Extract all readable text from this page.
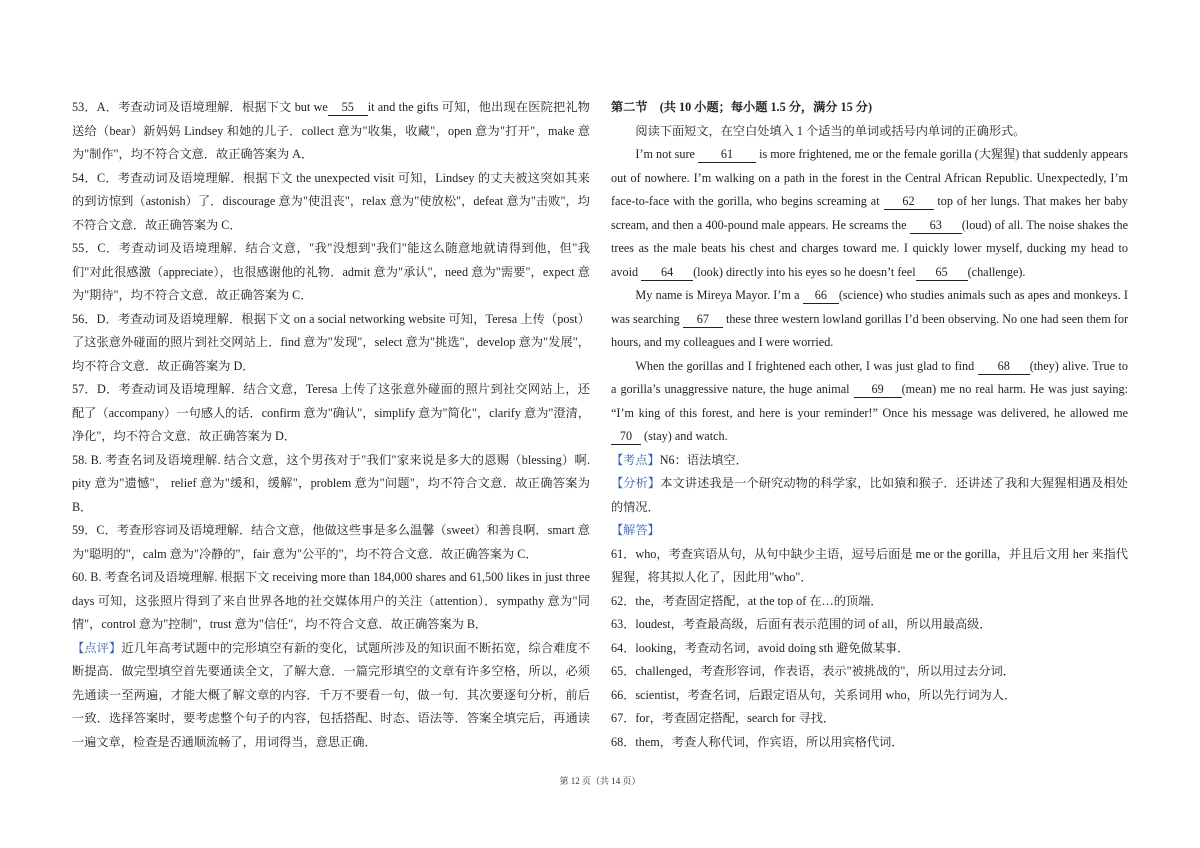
53．A．考查动词及语境理解．根据下文 but we 55 it and the gifts 可知，他出现在医院把礼物送给（bear）新妈妈 Lindsey 和她的儿子．collect 意为"收集，收藏"，open 意为"打开"，make 意为"制作"，均不符合文意．故正确答案为 A．

54．C．考查动词及语境理解．根据下文 the unexpected visit 可知，Lindsey 的丈夫被这突如其来的到访惊到（astonish）了．discourage 意为"使沮丧"，relax 意为"使放松"，defeat 意为"击败"，均不符合文意．故正确答案为 C．

55．C．考查动词及语境理解．结合文意，"我"没想到"我们"能这么随意地就请得到他，但"我们"对此很感激（appreciate），也很感谢他的礼物．admit 意为"承认"，need 意为"需要"，expect 意为"期待"，均不符合文意．故正确答案为 C．

56．D．考查动词及语境理解．根据下文 on a social networking website 可知，Teresa 上传（post）了这张意外碰面的照片到社交网站上．find 意为"发现"，select 意为"挑选"，develop 意为"发展"，均不符合文意．故正确答案为 D．

57．D．考查动词及语境理解．结合文意，Teresa 上传了这张意外碰面的照片到社交网站上，还配了（accompany）一句感人的话．confirm 意为"确认"，simplify 意为"简化"，clarify 意为"澄清，净化"，均不符合文意．故正确答案为 D．

58. B. 考查名词及语境理解. 结合文意，这个男孩对于"我们"家来说是多大的恩赐（blessing）啊. pity 意为"遗憾"， relief 意为"缓和，缓解"，problem 意为"问题"，均不符合文意．故正确答案为 B．

59．C．考查形容词及语境理解．结合文意，他做这些事是多么温馨（sweet）和善良啊．smart 意为"聪明的"，calm 意为"冷静的"，fair 意为"公平的"，均不符合文意．故正确答案为 C．

60. B. 考查名词及语境理解. 根据下文 receiving more than 184,000 shares and 61,500 likes in just three days 可知，这张照片得到了来自世界各地的社交媒体用户的关注（attention）．sympathy 意为"同情"，control 意为"控制"，trust 意为"信任"，均不符合文意．故正确答案为 B．

【点评】近几年高考试题中的完形填空有新的变化，试题所涉及的知识面不断拓宽，综合难度不断提高．做完型填空首先要通读全文，了解大意．一篇完形填空的文章有许多空格，所以，必须先通读一至两遍，才能大概了解文章的内容．千万不要看一句，做一句．其次要逐句分析，前后一致．选择答案时，要考虑整个句子的内容，包括搭配、时态、语法等．答案全填完后，再通读一遍文章，检查是否通顺流畅了，用词得当，意思正确．

第二节　(共 10 小题；每小题 1.5 分，满分 15 分)

阅读下面短文，在空白处填入 1 个适当的单词或括号内单词的正确形式。

I’m not sure 61 is more frightened, me or the female gorilla (大猩猩) that suddenly appears out of nowhere. I’m walking on a path in the forest in the Central African Republic. Unexpectedly, I’m face-to-face with the gorilla, who begins screaming at 62 top of her lungs. That makes her baby scream, and then a 400-pound male appears. He screams the 63 (loud) of all. The noise shakes the trees as the male beats his chest and charges toward me. I quickly lower myself, ducking my head to avoid 64 (look) directly into his eyes so he doesn’t feel 65 (challenge).

My name is Mireya Mayor. I’m a 66 (science) who studies animals such as apes and monkeys. I was searching 67 these three western lowland gorillas I’d been observing. No one had seen them for hours, and my colleagues and I were worried.

When the gorillas and I frightened each other, I was just glad to find 68 (they) alive. True to a gorilla’s unaggressive nature, the huge animal 69 (mean) me no real harm. He was just saying: “I’m king of this forest, and here is your reminder!” Once his message was delivered, he allowed me 70 (stay) and watch.

【考点】N6：语法填空．

【分析】本文讲述我是一个研究动物的科学家，比如猿和猴子．还讲述了我和大猩猩相遇及相处的情况．

【解答】

61．who，考查宾语从句，从句中缺少主语，逗号后面是 me or the gorilla，并且后文用 her 来指代猩猩，将其拟人化了，因此用"who"．

62．the，考查固定搭配，at the top of 在…的顶端．

63．loudest，考查最高级，后面有表示范围的词 of all，所以用最高级．

64．looking，考查动名词，avoid doing sth 避免做某事．

65．challenged，考查形容词，作表语，表示"被挑战的"，所以用过去分词．

66．scientist，考查名词，后跟定语从句，关系词用 who，所以先行词为人．

67．for，考查固定搭配，search for 寻找．

68．them，考查人称代词，作宾语，所以用宾格代词．

第 12 页（共 14 页）
